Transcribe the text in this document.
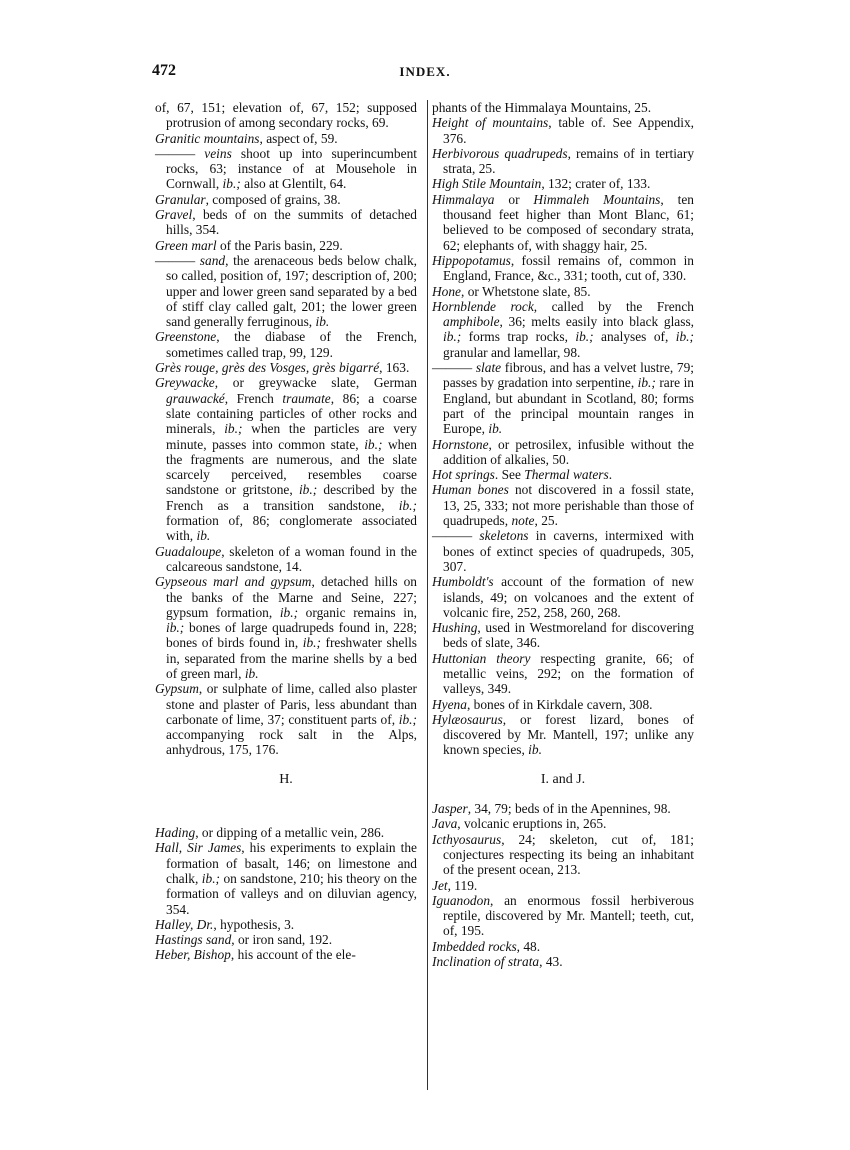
472	INDEX.

of, 67, 151; elevation of, 67, 152; supposed protrusion of among secondary rocks, 69.

Granitic mountains, aspect of, 59.

——— veins shoot up into superincumbent rocks, 63; instance of at Mousehole in Cornwall, ib.; also at Glentilt, 64.

Granular, composed of grains, 38.

Gravel, beds of on the summits of detached hills, 354.

Green marl of the Paris basin, 229.

——— sand, the arenaceous beds below chalk, so called, position of, 197; description of, 200; upper and lower green sand separated by a bed of stiff clay called galt, 201; the lower green sand generally ferruginous, ib.

Greenstone, the diabase of the French, sometimes called trap, 99, 129.

Grès rouge, grès des Vosges, grès bigarré, 163.

Greywacke, or greywacke slate, German grauwacké, French traumate, 86; a coarse slate containing particles of other rocks and minerals, ib.; when the particles are very minute, passes into common state, ib.; when the fragments are numerous, and the slate scarcely perceived, resembles coarse sandstone or gritstone, ib.; described by the French as a transition sandstone, ib.; formation of, 86; conglomerate associated with, ib.

Guadaloupe, skeleton of a woman found in the calcareous sandstone, 14.

Gypseous marl and gypsum, detached hills on the banks of the Marne and Seine, 227; gypsum formation, ib.; organic remains in, ib.; bones of large quadrupeds found in, 228; bones of birds found in, ib.; freshwater shells in, separated from the marine shells by a bed of green marl, ib.

Gypsum, or sulphate of lime, called also plaster stone and plaster of Paris, less abundant than carbonate of lime, 37; constituent parts of, ib.; accompanying rock salt in the Alps, anhydrous, 175, 176.

H.

Hading, or dipping of a metallic vein, 286.

Hall, Sir James, his experiments to explain the formation of basalt, 146; on limestone and chalk, ib.; on sandstone, 210; his theory on the formation of valleys and on diluvian agency, 354.

Halley, Dr., hypothesis, 3.

Hastings sand, or iron sand, 192.

Heber, Bishop, his account of the ele-

phants of the Himmalaya Mountains, 25.

Height of mountains, table of. See Appendix, 376.

Herbivorous quadrupeds, remains of in tertiary strata, 25.

High Stile Mountain, 132; crater of, 133.

Himmalaya or Himmaleh Mountains, ten thousand feet higher than Mont Blanc, 61; believed to be composed of secondary strata, 62; elephants of, with shaggy hair, 25.

Hippopotamus, fossil remains of, common in England, France, &c., 331; tooth, cut of, 330.

Hone, or Whetstone slate, 85.

Hornblende rock, called by the French amphibole, 36; melts easily into black glass, ib.; forms trap rocks, ib.; analyses of, ib.; granular and lamellar, 98.

——— slate fibrous, and has a velvet lustre, 79; passes by gradation into serpentine, ib.; rare in England, but abundant in Scotland, 80; forms part of the principal mountain ranges in Europe, ib.

Hornstone, or petrosilex, infusible without the addition of alkalies, 50.

Hot springs. See Thermal waters.

Human bones not discovered in a fossil state, 13, 25, 333; not more perishable than those of quadrupeds, note, 25.

——— skeletons in caverns, intermixed with bones of extinct species of quadrupeds, 305, 307.

Humboldt's account of the formation of new islands, 49; on volcanoes and the extent of volcanic fire, 252, 258, 260, 268.

Hushing, used in Westmoreland for discovering beds of slate, 346.

Huttonian theory respecting granite, 66; of metallic veins, 292; on the formation of valleys, 349.

Hyena, bones of in Kirkdale cavern, 308.

Hylæosaurus, or forest lizard, bones of discovered by Mr. Mantell, 197; unlike any known species, ib.

I. and J.

Jasper, 34, 79; beds of in the Apennines, 98.

Java, volcanic eruptions in, 265.

Icthyosaurus, 24; skeleton, cut of, 181; conjectures respecting its being an inhabitant of the present ocean, 213.

Jet, 119.

Iguanodon, an enormous fossil herbiverous reptile, discovered by Mr. Mantell; teeth, cut, of, 195.

Imbedded rocks, 48.

Inclination of strata, 43.
